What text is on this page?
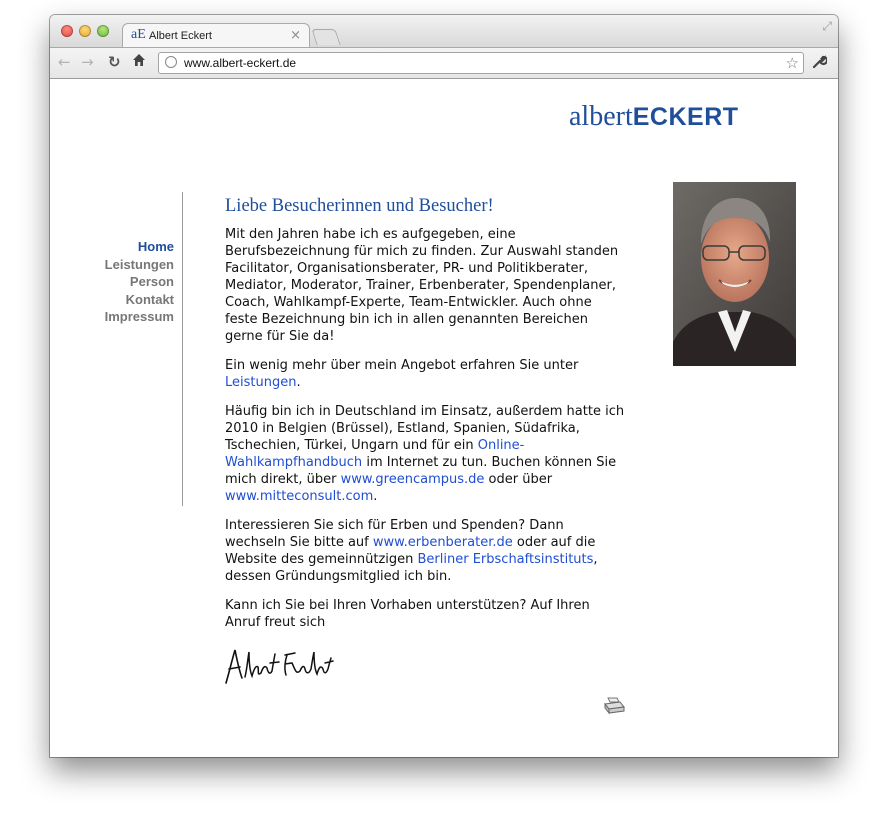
aE Albert Eckert	×
⤢
← → ↻	www.albert-eckert.de	☆
albertECKERT
Home
Leistungen
Person
Kontakt
Impressum
Liebe Besucherinnen und Besucher!

Mit den Jahren habe ich es aufgegeben, eine Berufsbezeichnung für mich zu finden. Zur Auswahl standen Facilitator, Organisationsberater, PR- und Politikberater, Mediator, Moderator, Trainer, Erbenberater, Spendenplaner, Coach, Wahlkampf-Experte, Team-Entwickler. Auch ohne feste Bezeichnung bin ich in allen genannten Bereichen gerne für Sie da!

Ein wenig mehr über mein Angebot erfahren Sie unter Leistungen.

Häufig bin ich in Deutschland im Einsatz, außerdem hatte ich 2010 in Belgien (Brüssel), Estland, Spanien, Südafrika, Tschechien, Türkei, Ungarn und für ein Online-Wahlkampfhandbuch im Internet zu tun. Buchen können Sie mich direkt, über www.greencampus.de oder über www.mitteconsult.com.

Interessieren Sie sich für Erben und Spenden? Dann wechseln Sie bitte auf www.erbenberater.de oder auf die Website des gemeinnützigen Berliner Erbschaftsinstituts, dessen Gründungsmitglied ich bin.

Kann ich Sie bei Ihren Vorhaben unterstützen? Auf Ihren Anruf freut sich
